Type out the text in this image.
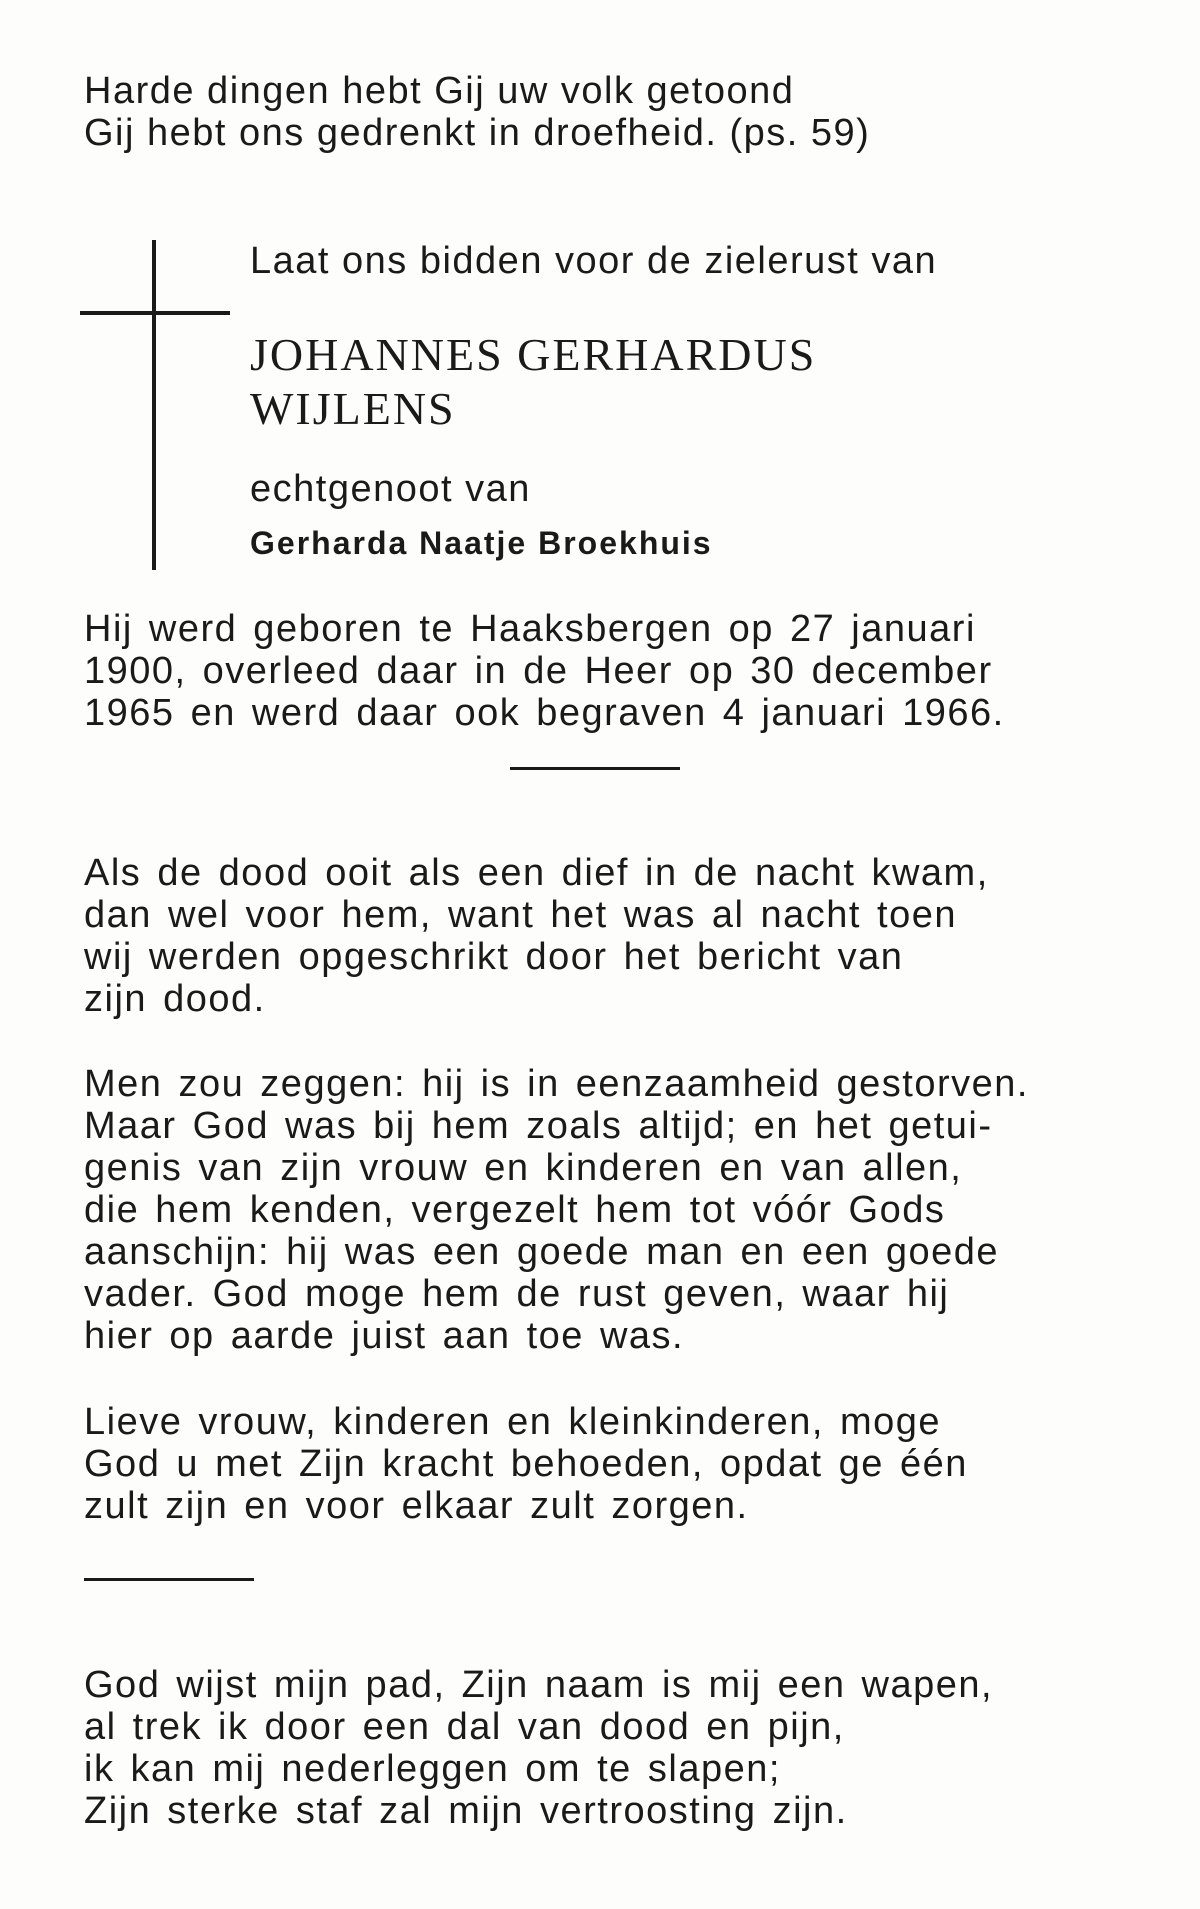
Harde dingen hebt Gij uw volk getoond
Gij hebt ons gedrenkt in droefheid. (ps. 59)

Laat ons bidden voor de zielerust van

JOHANNES GERHARDUS
WIJLENS

echtgenoot van

Gerharda Naatje Broekhuis

Hij werd geboren te Haaksbergen op 27 januari
1900, overleed daar in de Heer op 30 december
1965 en werd daar ook begraven 4 januari 1966.
Als de dood ooit als een dief in de nacht kwam,
dan wel voor hem, want het was al nacht toen
wij werden opgeschrikt door het bericht van
zijn dood.
Men zou zeggen: hij is in eenzaamheid gestorven.
Maar God was bij hem zoals altijd; en het getui-
genis van zijn vrouw en kinderen en van allen,
die hem kenden, vergezelt hem tot vóór Gods
aanschijn: hij was een goede man en een goede
vader. God moge hem de rust geven, waar hij
hier op aarde juist aan toe was.
Lieve vrouw, kinderen en kleinkinderen, moge
God u met Zijn kracht behoeden, opdat ge één
zult zijn en voor elkaar zult zorgen.
God wijst mijn pad, Zijn naam is mij een wapen,
al trek ik door een dal van dood en pijn,
ik kan mij nederleggen om te slapen;
Zijn sterke staf zal mijn vertroosting zijn.
